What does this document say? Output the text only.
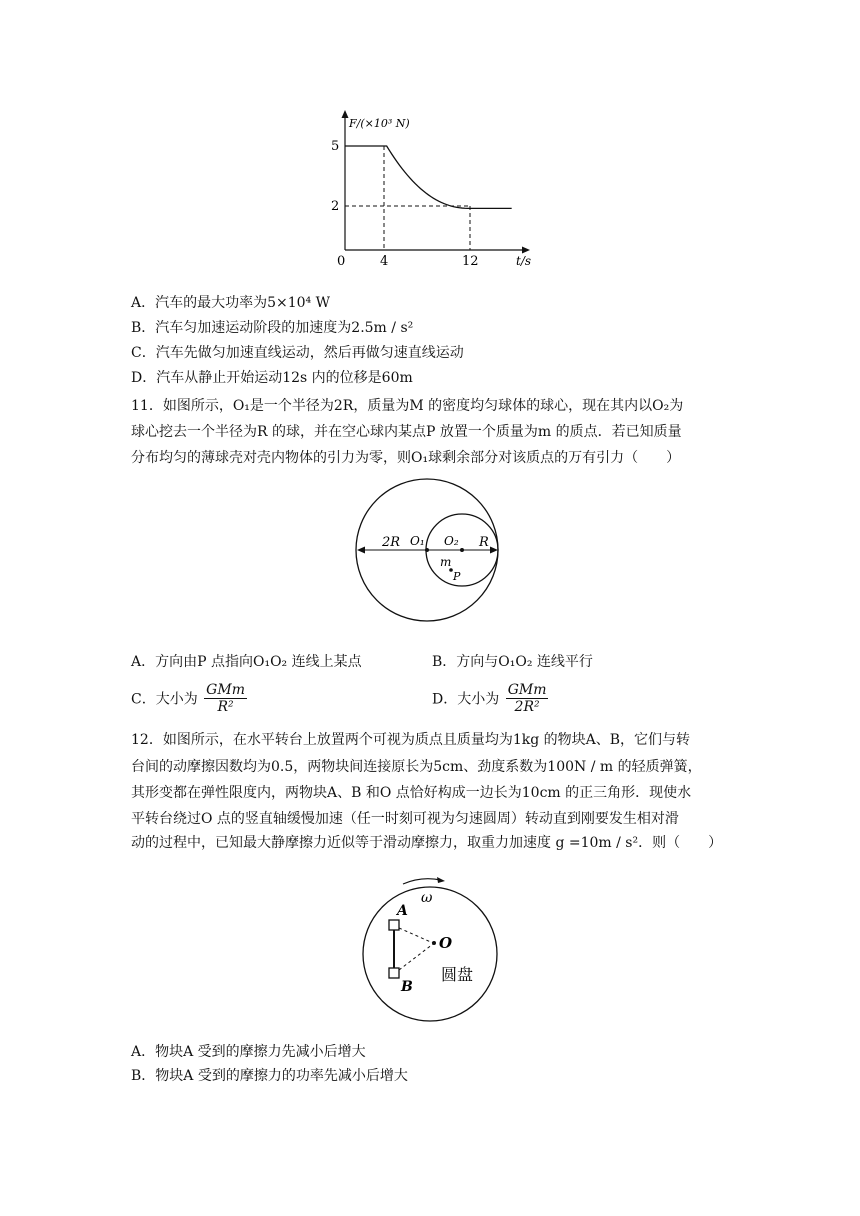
F/(×10³ N)
5
2
0	4	12	t/s
A．汽车的最大功率为5×10⁴ W
B．汽车匀加速运动阶段的加速度为2.5m / s²
C．汽车先做匀加速直线运动，然后再做匀速直线运动
D．汽车从静止开始运动12s 内的位移是60m
11．如图所示，O₁是一个半径为2R，质量为M 的密度均匀球体的球心，现在其内以O₂为
球心挖去一个半径为R 的球，并在空心球内某点P 放置一个质量为m 的质点．若已知质量
分布均匀的薄球壳对壳内物体的引力为零，则O₁球剩余部分对该质点的万有引力（　　）
2R O₁ O₂ R
m
P
A．方向由P 点指向O₁O₂ 连线上某点	B．方向与O₁O₂ 连线平行
C．大小为 $\frac{\text{GMm}}{\text{R²}}$	D．大小为 $\frac{\text{GMm}}{\text{2R²}}$
12．如图所示，在水平转台上放置两个可视为质点且质量均为1kg 的物块A、B，它们与转
台间的动摩擦因数均为0.5，两物块间连接原长为5cm、劲度系数为100N / m 的轻质弹簧，
其形变都在弹性限度内，两物块A、B 和O 点恰好构成一边长为10cm 的正三角形．现使水
平转台绕过O 点的竖直轴缓慢加速（任一时刻可视为匀速圆周）转动直到刚要发生相对滑
动的过程中，已知最大静摩擦力近似等于滑动摩擦力，取重力加速度 g =10m / s²．则（　　）
ω
A
O
B
圆盘
A．物块A 受到的摩擦力先减小后增大
B．物块A 受到的摩擦力的功率先减小后增大
